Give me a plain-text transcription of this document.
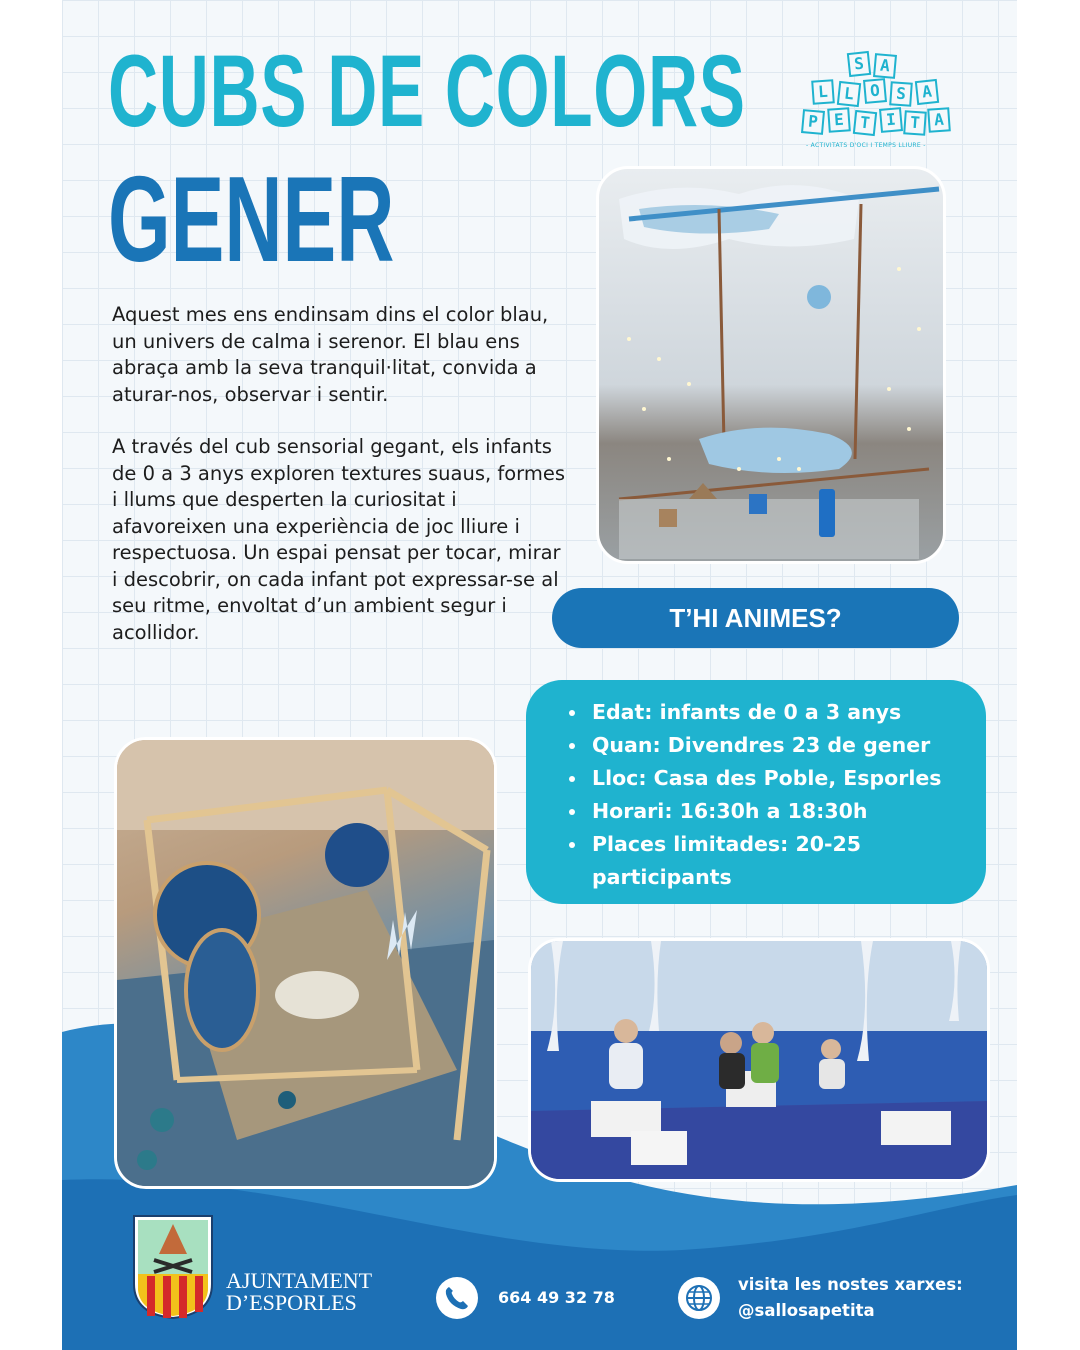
CUBS DE COLORS
GENER
S A
L L O S A
P E T I T A
- ACTIVITATS D'OCI I TEMPS LLIURE -

Aquest mes ens endinsam dins el color blau, un univers de calma i serenor. El blau ens abraça amb la seva tranquil·litat, convida a aturar-nos, observar i sentir.

A través del cub sensorial gegant, els infants de 0 a 3 anys exploren textures suaus, formes i llums que desperten la curiositat i afavoreixen una experiència de joc lliure i respectuosa. Un espai pensat per tocar, mirar i descobrir, on cada infant pot expressar-se al seu ritme, envoltat d’un ambient segur i acollidor.	T’HI ANIMES?
• Edat: infants de 0 a 3 anys
• Quan: Divendres 23 de gener
• Lloc: Casa des Poble, Esporles
• Horari: 16:30h a 18:30h
• Places limitades: 20-25 participants
AJUNTAMENT
D’ESPORLES	664 49 32 78
visita les nostes xarxes:
@sallosapetita
